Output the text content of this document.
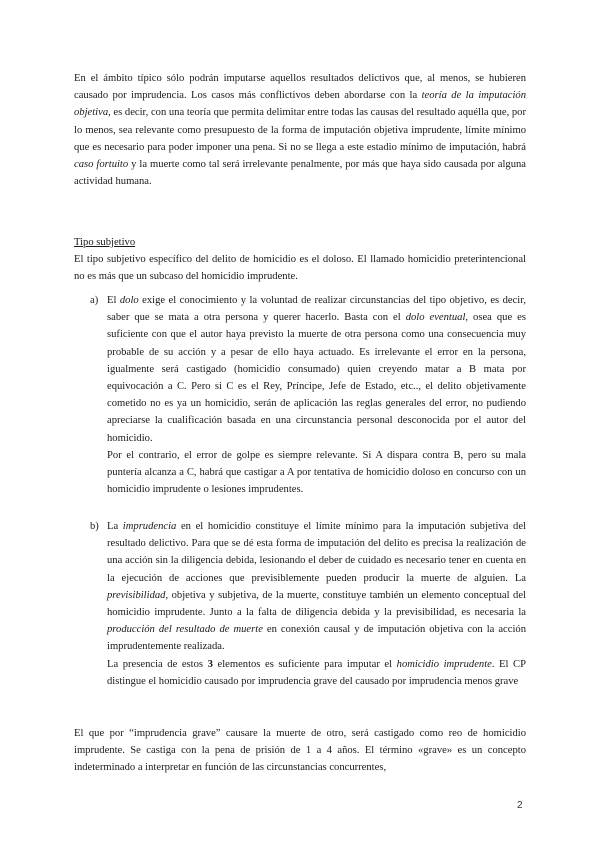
En el ámbito típico sólo podrán imputarse aquellos resultados delictivos que, al menos, se hubieren causado por imprudencia. Los casos más conflictivos deben abordarse con la teoría de la imputación objetiva, es decir, con una teoría que permita delimitar entre todas las causas del resultado aquélla que, por lo menos, sea relevante como presupuesto de la forma de imputación objetiva imprudente, límite mínimo que es necesario para poder imponer una pena. Si no se llega a este estadio mínimo de imputación, habrá caso fortuito y la muerte como tal será irrelevante penalmente, por más que haya sido causada por alguna actividad humana.

Tipo subjetivo

El tipo subjetivo específico del delito de homicidio es el doloso. El llamado homicidio preterintencional no es más que un subcaso del homicidio imprudente.

a) El dolo exige el conocimiento y la voluntad de realizar circunstancias del tipo objetivo, es decir, saber que se mata a otra persona y querer hacerlo. Basta con el dolo eventual, osea que es suficiente con que el autor haya previsto la muerte de otra persona como una consecuencia muy probable de su acción y a pesar de ello haya actuado. Es irrelevante el error en la persona, igualmente será castigado (homicidio consumado) quien creyendo matar a B mata por equivocación a C. Pero si C es el Rey, Príncipe, Jefe de Estado, etc.., el delito objetivamente cometido no es ya un homicidio, serán de aplicación las reglas generales del error, no pudiendo apreciarse la cualificación basada en una circunstancia personal desconocida por el autor del homicidio.

Por el contrario, el error de golpe es siempre relevante. Si A dispara contra B, pero su mala puntería alcanza a C, habrá que castigar a A por tentativa de homicidio doloso en concurso con un homicidio imprudente o lesiones imprudentes.

b) La imprudencia en el homicidio constituye el límite mínimo para la imputación subjetiva del resultado delictivo. Para que se dé esta forma de imputación del delito es precisa la realización de una acción sin la diligencia debida, lesionando el deber de cuidado es necesario tener en cuenta en la ejecución de acciones que previsiblemente pueden producir la muerte de alguien. La previsibilidad, objetiva y subjetiva, de la muerte, constituye también un elemento conceptual del homicidio imprudente. Junto a la falta de diligencia debida y la previsibilidad, es necesaria la producción del resultado de muerte en conexión causal y de imputación objetiva con la acción imprudentemente realizada.

La presencia de estos 3 elementos es suficiente para imputar el homicidio imprudente. El CP distingue el homicidio causado por imprudencia grave del causado por imprudencia menos grave

El que por “imprudencia grave” causare la muerte de otro, será castigado como reo de homicidio imprudente. Se castiga con la pena de prisión de 1 a 4 años. El término «grave» es un concepto indeterminado a interpretar en función de las circunstancias concurrentes,

2
